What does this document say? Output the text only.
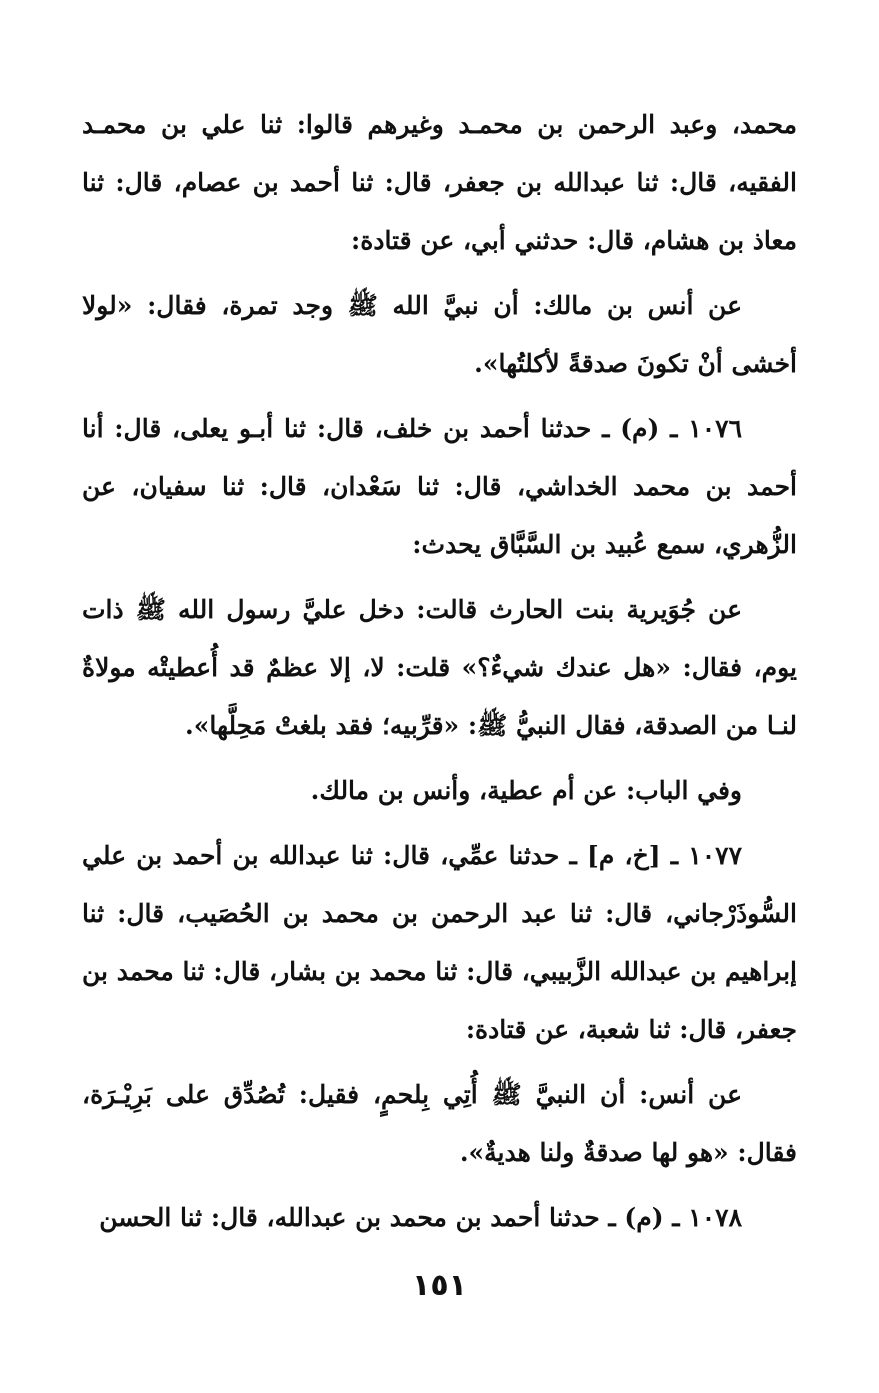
محمد، وعبد الرحمن بن محمـد وغيرهم قالوا: ثنا علي بن محمـد الفقيه، قال: ثنا عبدالله بن جعفر، قال: ثنا أحمد بن عصام، قال: ثنا معاذ بن هشام، قال: حدثني أبي، عن قتادة:

عن أنس بن مالك: أن نبيَّ الله ﷺ وجد تمرة، فقال: «لولا أخشى أنْ تكونَ صدقةً لأكلتُها».

١٠٧٦ ـ (م) ـ حدثنا أحمد بن خلف، قال: ثنا أبـو يعلى، قال: أنا أحمد بن محمد الخداشي، قال: ثنا سَعْدان، قال: ثنا سفيان، عن الزُّهري، سمع عُبيد بن السَّبَّاق يحدث:

عن جُوَيرية بنت الحارث قالت: دخل عليَّ رسول الله ﷺ ذات يوم، فقال: «هل عندك شيءٌ؟» قلت: لا، إلا عظمٌ قد أُعطيتْه مولاةٌ لنـا من الصدقة، فقال النبيُّ ﷺ: «قرِّبيه؛ فقد بلغتْ مَحِلَّها».

وفي الباب: عن أم عطية، وأنس بن مالك.

١٠٧٧ ـ [خ، م] ـ حدثنا عمِّي، قال: ثنا عبدالله بن أحمد بن علي السُّوذَرْجاني، قال: ثنا عبد الرحمن بن محمد بن الحُصَيب، قال: ثنا إبراهيم بن عبدالله الزَّبيبي، قال: ثنا محمد بن بشار، قال: ثنا محمد بن جعفر، قال: ثنا شعبة، عن قتادة:

عن أنس: أن النبيَّ ﷺ أُتِي بِلحمٍ، فقيل: تُصُدِّق على بَرِيْـرَة، فقال: «هو لها صدقةٌ ولنا هديةٌ».

١٠٧٨ ـ (م) ـ حدثنا أحمد بن محمد بن عبدالله، قال: ثنا الحسن

١٥١
